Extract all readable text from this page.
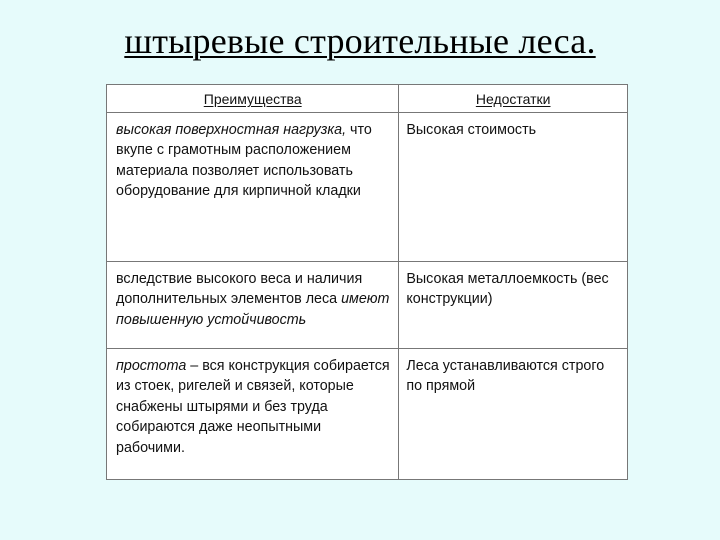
штыревые строительные леса.
Преимущества	Недостатки
высокая поверхностная нагрузка, что вкупе с грамотным расположением материала позволяет использовать оборудование для кирпичной кладки	Высокая стоимость
вследствие высокого веса и наличия дополнительных элементов леса имеют повышенную устойчивость	Высокая металлоемкость (вес конструкции)
простота – вся конструкция собирается из стоек, ригелей и связей, которые снабжены штырями и без труда собираются даже неопытными рабочими.	Леса устанавливаются строго по прямой
